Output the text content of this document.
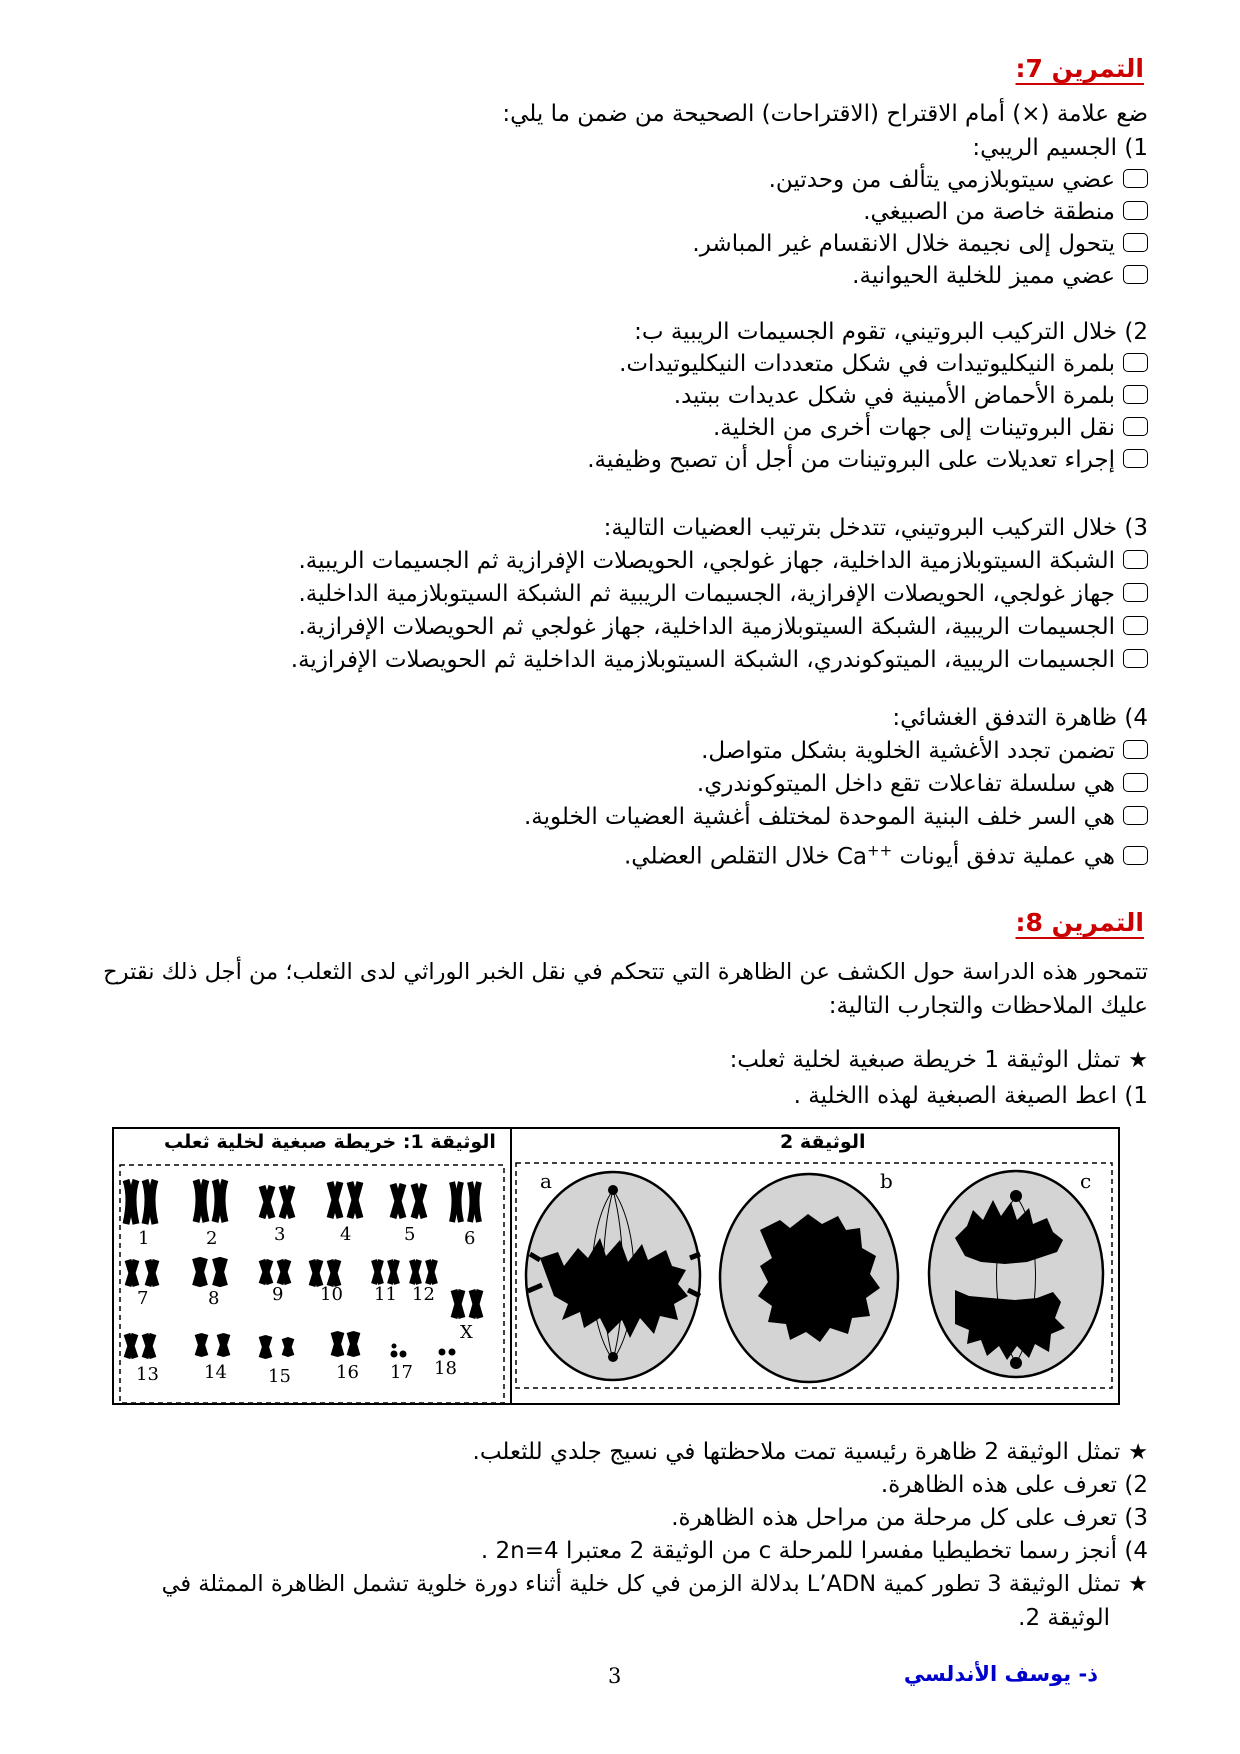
التمرين 7:
ضع علامة (×) أمام الاقتراح (الاقتراحات) الصحيحة من ضمن ما يلي:
1) الجسيم الريبي:
عضي سيتوبلازمي يتألف من وحدتين.
منطقة خاصة من الصبيغي.
يتحول إلى نجيمة خلال الانقسام غير المباشر.
عضي مميز للخلية الحيوانية.
2) خلال التركيب البروتيني، تقوم الجسيمات الريبية ب:
بلمرة النيكليوتيدات في شكل متعددات النيكليوتيدات.
بلمرة الأحماض الأمينية في شكل عديدات ببتيد.
نقل البروتينات إلى جهات أخرى من الخلية.
إجراء تعديلات على البروتينات من أجل أن تصبح وظيفية.
3) خلال التركيب البروتيني، تتدخل بترتيب العضيات التالية:
الشبكة السيتوبلازمية الداخلية، جهاز غولجي، الحويصلات الإفرازية ثم الجسيمات الريبية.
جهاز غولجي، الحويصلات الإفرازية، الجسيمات الريبية ثم الشبكة السيتوبلازمية الداخلية.
الجسيمات الريبية، الشبكة السيتوبلازمية الداخلية، جهاز غولجي ثم الحويصلات الإفرازية.
الجسيمات الريبية، الميتوكوندري، الشبكة السيتوبلازمية الداخلية ثم الحويصلات الإفرازية.
4) ظاهرة التدفق الغشائي:
تضمن تجدد الأغشية الخلوية بشكل متواصل.
هي سلسلة تفاعلات تقع داخل الميتوكوندري.
هي السر خلف البنية الموحدة لمختلف أغشية العضيات الخلوية.
هي عملية تدفق أيونات Ca++ خلال التقلص العضلي.
التمرين 8:
تتمحور هذه الدراسة حول الكشف عن الظاهرة التي تتحكم في نقل الخبر الوراثي لدى الثعلب؛ من أجل ذلك نقترح
عليك الملاحظات والتجارب التالية:
★تمثل الوثيقة 1 خريطة صبغية لخلية ثعلب:
1) اعط الصيغة الصبغية لهذه االخلية .
الوثيقة 1: خريطة صبغية لخلية ثعلب	الوثيقة 2
1	2	3	4	5	6
7	8	9 10 11 12
13	14 15	16 17 18
X
a	b	c
★تمثل الوثيقة 2 ظاهرة رئيسية تمت ملاحظتها في نسيج جلدي للثعلب.
2) تعرف على هذه الظاهرة.
3) تعرف على كل مرحلة من مراحل هذه الظاهرة.
4) أنجز رسما تخطيطيا مفسرا للمرحلة c من الوثيقة 2 معتبرا 2n=4 .
★تمثل الوثيقة 3 تطور كمية L’ADN بدلالة الزمن في كل خلية أثناء دورة خلوية تشمل الظاهرة الممثلة في
الوثيقة 2.
3	ذ- يوسف الأندلسي
